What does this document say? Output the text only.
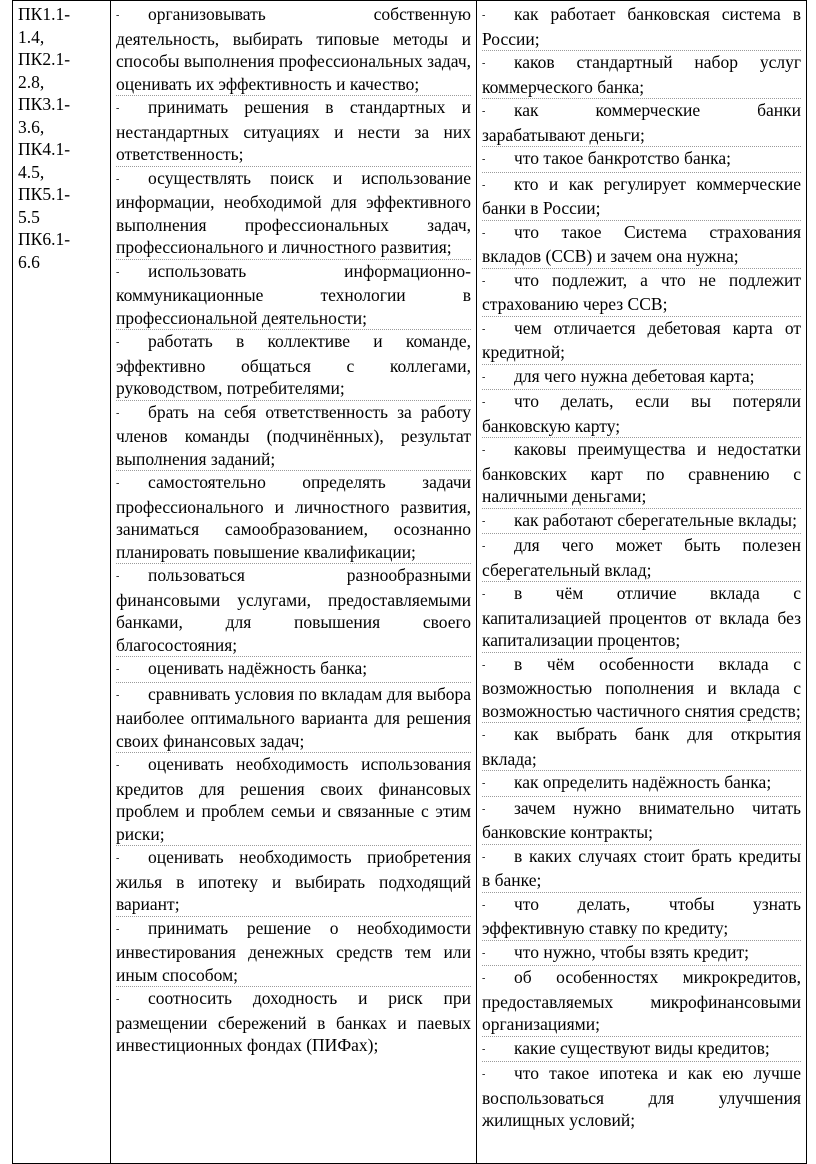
ПК1.1-
1.4,
ПК2.1-
2.8,
ПК3.1-
3.6,
ПК4.1-
4.5,
ПК5.1-
5.5
ПК6.1-
6.6

- организовывать собственную деятельность, выбирать типовые методы и способы выполнения профессиональных задач, оценивать их эффективность и качество;
- принимать решения в стандартных и нестандартных ситуациях и нести за них ответственность;
- осуществлять поиск и использование информации, необходимой для эффективного выполнения профессиональных задач, профессионального и личностного развития;
- использовать информационно-коммуникационные технологии в профессиональной деятельности;
- работать в коллективе и команде, эффективно общаться с коллегами, руководством, потребителями;
- брать на себя ответственность за работу членов команды (подчинённых), результат выполнения заданий;
- самостоятельно определять задачи профессионального и личностного развития, заниматься самообразованием, осознанно планировать повышение квалификации;
- пользоваться разнообразными финансовыми услугами, предоставляемыми банками, для повышения своего благосостояния;
- оценивать надёжность банка;
- сравнивать условия по вкладам для выбора наиболее оптимального варианта для решения своих финансовых задач;
- оценивать необходимость использования кредитов для решения своих финансовых проблем и проблем семьи и связанные с этим риски;
- оценивать необходимость приобретения жилья в ипотеку и выбирать подходящий вариант;
- принимать решение о необходимости инвестирования денежных средств тем или иным способом;
- соотносить доходность и риск при размещении сбережений в банках и паевых инвестиционных фондах (ПИФах);

- как работает банковская система в России;
- каков стандартный набор услуг коммерческого банка;
- как коммерческие банки зарабатывают деньги;
- что такое банкротство банка;
- кто и как регулирует коммерческие банки в России;
- что такое Система страхования вкладов (ССВ) и зачем она нужна;
- что подлежит, а что не подлежит страхованию через ССВ;
- чем отличается дебетовая карта от кредитной;
- для чего нужна дебетовая карта;
- что делать, если вы потеряли банковскую карту;
- каковы преимущества и недостатки банковских карт по сравнению с наличными деньгами;
- как работают сберегательные вклады;
- для чего может быть полезен сберегательный вклад;
- в чём отличие вклада с капитализацией процентов от вклада без капитализации процентов;
- в чём особенности вклада с возможностью пополнения и вклада с возможностью частичного снятия средств;
- как выбрать банк для открытия вклада;
- как определить надёжность банка;
- зачем нужно внимательно читать банковские контракты;
- в каких случаях стоит брать кредиты в банке;
- что делать, чтобы узнать эффективную ставку по кредиту;
- что нужно, чтобы взять кредит;
- об особенностях микрокредитов, предоставляемых микрофинансовыми организациями;
- какие существуют виды кредитов;
- что такое ипотека и как ею лучше воспользоваться для улучшения жилищных условий;
